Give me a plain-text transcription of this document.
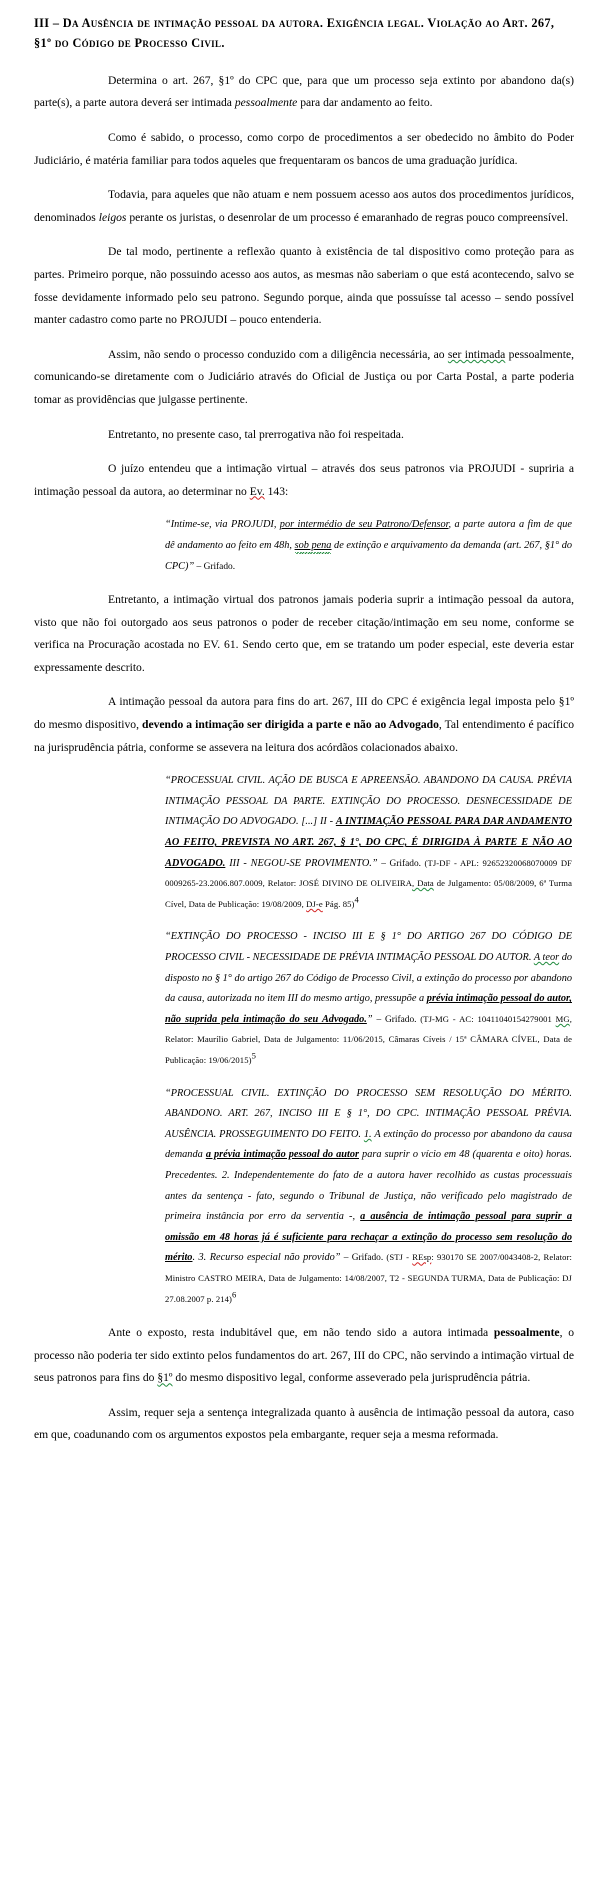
III – Da Ausência de intimação pessoal da autora. Exigência legal. Violação ao Art. 267, §1º do Código de Processo Civil.

Determina o art. 267, §1º do CPC que, para que um processo seja extinto por abandono da(s) parte(s), a parte autora deverá ser intimada pessoalmente para dar andamento ao feito.

Como é sabido, o processo, como corpo de procedimentos a ser obedecido no âmbito do Poder Judiciário, é matéria familiar para todos aqueles que frequentaram os bancos de uma graduação jurídica.

Todavia, para aqueles que não atuam e nem possuem acesso aos autos dos procedimentos jurídicos, denominados leigos perante os juristas, o desenrolar de um processo é emaranhado de regras pouco compreensível.

De tal modo, pertinente a reflexão quanto à existência de tal dispositivo como proteção para as partes. Primeiro porque, não possuindo acesso aos autos, as mesmas não saberiam o que está acontecendo, salvo se fosse devidamente informado pelo seu patrono. Segundo porque, ainda que possuísse tal acesso – sendo possível manter cadastro como parte no PROJUDI – pouco entenderia.

Assim, não sendo o processo conduzido com a diligência necessária, ao ser intimada pessoalmente, comunicando-se diretamente com o Judiciário através do Oficial de Justiça ou por Carta Postal, a parte poderia tomar as providências que julgasse pertinente.

Entretanto, no presente caso, tal prerrogativa não foi respeitada.

O juízo entendeu que a intimação virtual – através dos seus patronos via PROJUDI - supriria a intimação pessoal da autora, ao determinar no Ev. 143:

“Intime-se, via PROJUDI, por intermédio de seu Patrono/Defensor, a parte autora a fim de que dê andamento ao feito em 48h, sob pena de extinção e arquivamento da demanda (art. 267, §1° do CPC)” – Grifado.

Entretanto, a intimação virtual dos patronos jamais poderia suprir a intimação pessoal da autora, visto que não foi outorgado aos seus patronos o poder de receber citação/intimação em seu nome, conforme se verifica na Procuração acostada no EV. 61. Sendo certo que, em se tratando um poder especial, este deveria estar expressamente descrito.

A intimação pessoal da autora para fins do art. 267, III do CPC é exigência legal imposta pelo §1º do mesmo dispositivo, devendo a intimação ser dirigida a parte e não ao Advogado, Tal entendimento é pacífico na jurisprudência pátria, conforme se assevera na leitura dos acórdãos colacionados abaixo.

“PROCESSUAL CIVIL. AÇÃO DE BUSCA E APREENSÃO. ABANDONO DA CAUSA. PRÉVIA INTIMAÇÃO PESSOAL DA PARTE. EXTINÇÃO DO PROCESSO. DESNECESSIDADE DE INTIMAÇÃO DO ADVOGADO. [...] II - A INTIMAÇÃO PESSOAL PARA DAR ANDAMENTO AO FEITO, PREVISTA NO ART. 267, § 1°, DO CPC, É DIRIGIDA À PARTE E NÃO AO ADVOGADO. III - NEGOU-SE PROVIMENTO.” – Grifado. (TJ-DF - APL: 92652320068070009 DF 0009265-23.2006.807.0009, Relator: JOSÉ DIVINO DE OLIVEIRA, Data de Julgamento: 05/08/2009, 6ª Turma Cível, Data de Publicação: 19/08/2009, DJ-e Pág. 85)$^4$
“EXTINÇÃO DO PROCESSO - INCISO III E § 1° DO ARTIGO 267 DO CÓDIGO DE PROCESSO CIVIL - NECESSIDADE DE PRÉVIA INTIMAÇÃO PESSOAL DO AUTOR. A teor do disposto no § 1° do artigo 267 do Código de Processo Civil, a extinção do processo por abandono da causa, autorizada no item III do mesmo artigo, pressupõe a prévia intimação pessoal do autor, não suprida pela intimação do seu Advogado.” – Grifado. (TJ-MG - AC: 10411040154279001 MG, Relator: Maurílio Gabriel, Data de Julgamento: 11/06/2015, Câmaras Cíveis / 15ª CÂMARA CÍVEL, Data de Publicação: 19/06/2015)$^5$
“PROCESSUAL CIVIL. EXTINÇÃO DO PROCESSO SEM RESOLUÇÃO DO MÉRITO. ABANDONO. ART. 267, INCISO III E § 1°, DO CPC. INTIMAÇÃO PESSOAL PRÉVIA. AUSÊNCIA. PROSSEGUIMENTO DO FEITO. 1. A extinção do processo por abandono da causa demanda a prévia intimação pessoal do autor para suprir o vício em 48 (quarenta e oito) horas. Precedentes. 2. Independentemente do fato de a autora haver recolhido as custas processuais antes da sentença - fato, segundo o Tribunal de Justiça, não verificado pelo magistrado de primeira instância por erro da serventia -, a ausência de intimação pessoal para suprir a omissão em 48 horas já é suficiente para rechaçar a extinção do processo sem resolução do mérito. 3. Recurso especial não provido” – Grifado. (STJ - REsp: 930170 SE 2007/0043408-2, Relator: Ministro CASTRO MEIRA, Data de Julgamento: 14/08/2007, T2 - SEGUNDA TURMA, Data de Publicação: DJ 27.08.2007 p. 214)$^6$

Ante o exposto, resta indubitável que, em não tendo sido a autora intimada pessoalmente, o processo não poderia ter sido extinto pelos fundamentos do art. 267, III do CPC, não servindo a intimação virtual de seus patronos para fins do §1º do mesmo dispositivo legal, conforme asseverado pela jurisprudência pátria.

Assim, requer seja a sentença integralizada quanto à ausência de intimação pessoal da autora, caso em que, coadunando com os argumentos expostos pela embargante, requer seja a mesma reformada.
